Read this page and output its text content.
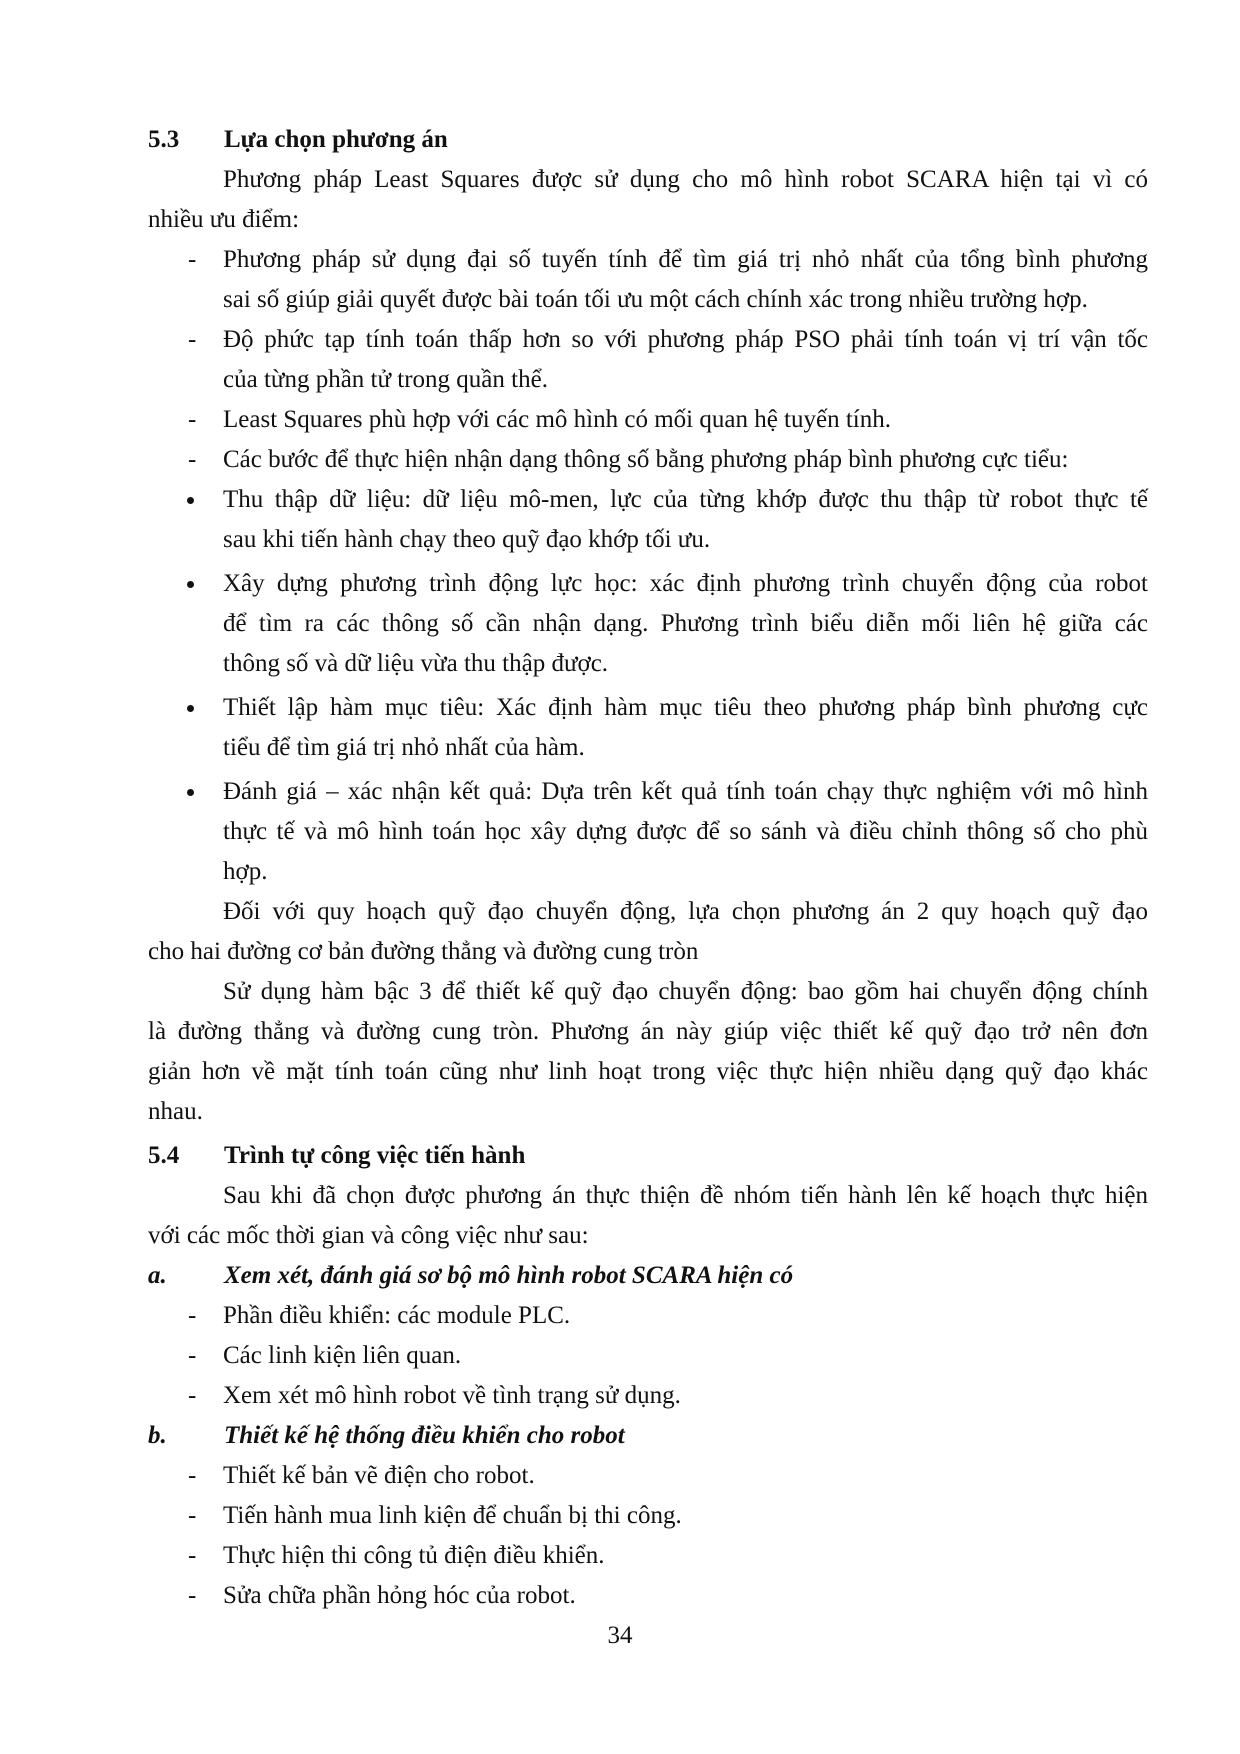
5.3 Lựa chọn phương án
Phương pháp Least Squares được sử dụng cho mô hình robot SCARA hiện tại vì có
nhiều ưu điểm:
- Phương pháp sử dụng đại số tuyến tính để tìm giá trị nhỏ nhất của tổng bình phương
sai số giúp giải quyết được bài toán tối ưu một cách chính xác trong nhiều trường hợp.
- Độ phức tạp tính toán thấp hơn so với phương pháp PSO phải tính toán vị trí vận tốc
của từng phần tử trong quần thể.
- Least Squares phù hợp với các mô hình có mối quan hệ tuyến tính.
- Các bước để thực hiện nhận dạng thông số bằng phương pháp bình phương cực tiểu:
Thu thập dữ liệu: dữ liệu mô-men, lực của từng khớp được thu thập từ robot thực tế
sau khi tiến hành chạy theo quỹ đạo khớp tối ưu.
Xây dựng phương trình động lực học: xác định phương trình chuyển động của robot
để tìm ra các thông số cần nhận dạng. Phương trình biểu diễn mối liên hệ giữa các
thông số và dữ liệu vừa thu thập được.
Thiết lập hàm mục tiêu: Xác định hàm mục tiêu theo phương pháp bình phương cực
tiểu để tìm giá trị nhỏ nhất của hàm.
Đánh giá – xác nhận kết quả: Dựa trên kết quả tính toán chạy thực nghiệm với mô hình
thực tế và mô hình toán học xây dựng được để so sánh và điều chỉnh thông số cho phù
hợp.
Đối với quy hoạch quỹ đạo chuyển động, lựa chọn phương án 2 quy hoạch quỹ đạo
cho hai đường cơ bản đường thẳng và đường cung tròn
Sử dụng hàm bậc 3 để thiết kế quỹ đạo chuyển động: bao gồm hai chuyển động chính
là đường thẳng và đường cung tròn. Phương án này giúp việc thiết kế quỹ đạo trở nên đơn
giản hơn về mặt tính toán cũng như linh hoạt trong việc thực hiện nhiều dạng quỹ đạo khác
nhau.
5.4 Trình tự công việc tiến hành
Sau khi đã chọn được phương án thực thiện đề nhóm tiến hành lên kế hoạch thực hiện
với các mốc thời gian và công việc như sau:
a. Xem xét, đánh giá sơ bộ mô hình robot SCARA hiện có
- Phần điều khiển: các module PLC.
- Các linh kiện liên quan.
- Xem xét mô hình robot về tình trạng sử dụng.
b. Thiết kế hệ thống điều khiển cho robot
- Thiết kế bản vẽ điện cho robot.
- Tiến hành mua linh kiện để chuẩn bị thi công.
- Thực hiện thi công tủ điện điều khiển.
- Sửa chữa phần hỏng hóc của robot.
34
